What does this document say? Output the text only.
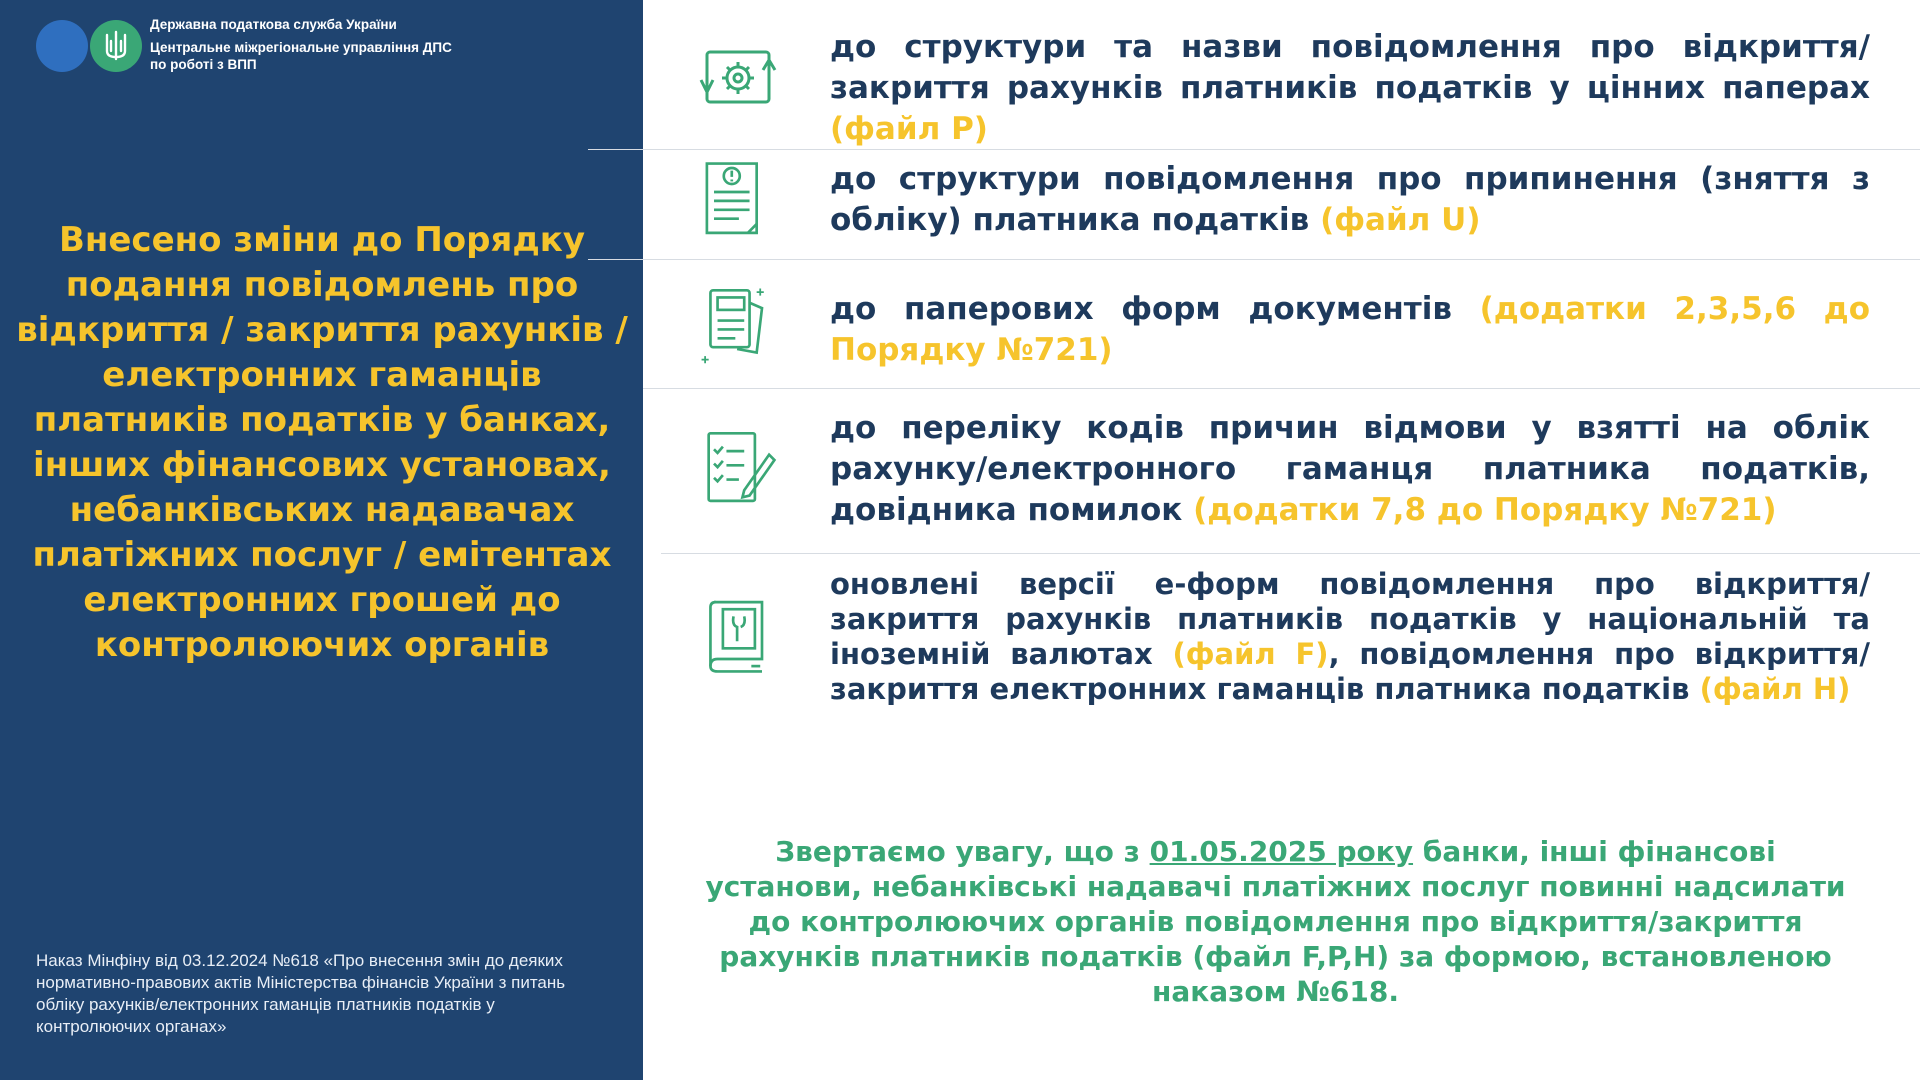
Державна податкова служба України
Центральне міжрегіональне управління ДПС по роботі з ВПП
Внесено зміни до Порядку подання повідомлень про відкриття / закриття рахунків / електронних гаманців платників податків у банках, інших фінансових установах, небанківських надавачах платіжних послуг / емітентах електронних грошей до контролюючих органів
Наказ Мінфіну від 03.12.2024 №618 «Про внесення змін до деяких нормативно-правових актів Міністерства фінансів України з питань обліку рахунків/електронних гаманців платників податків у контролюючих органах»
до структури та назви повідомлення про відкриття/закриття рахунків платників податків у цінних паперах (файл P)
до структури повідомлення про припинення (зняття з обліку) платника податків (файл U)
до паперових форм документів (додатки 2,3,5,6 до Порядку №721)
до переліку кодів причин відмови у взятті на облік рахунку/електронного гаманця платника податків, довідника помилок (додатки 7,8 до Порядку №721)
оновлені версії е-форм повідомлення про відкриття/закриття рахунків платників податків у національній та іноземній валютах (файл F), повідомлення про відкриття/закриття електронних гаманців платника податків (файл H)
Звертаємо увагу, що з 01.05.2025 року банки, інші фінансові установи, небанківські надавачі платіжних послуг повинні надсилати до контролюючих органів повідомлення про відкриття/закриття рахунків платників податків (файл F,P,H) за формою, встановленою наказом №618.
